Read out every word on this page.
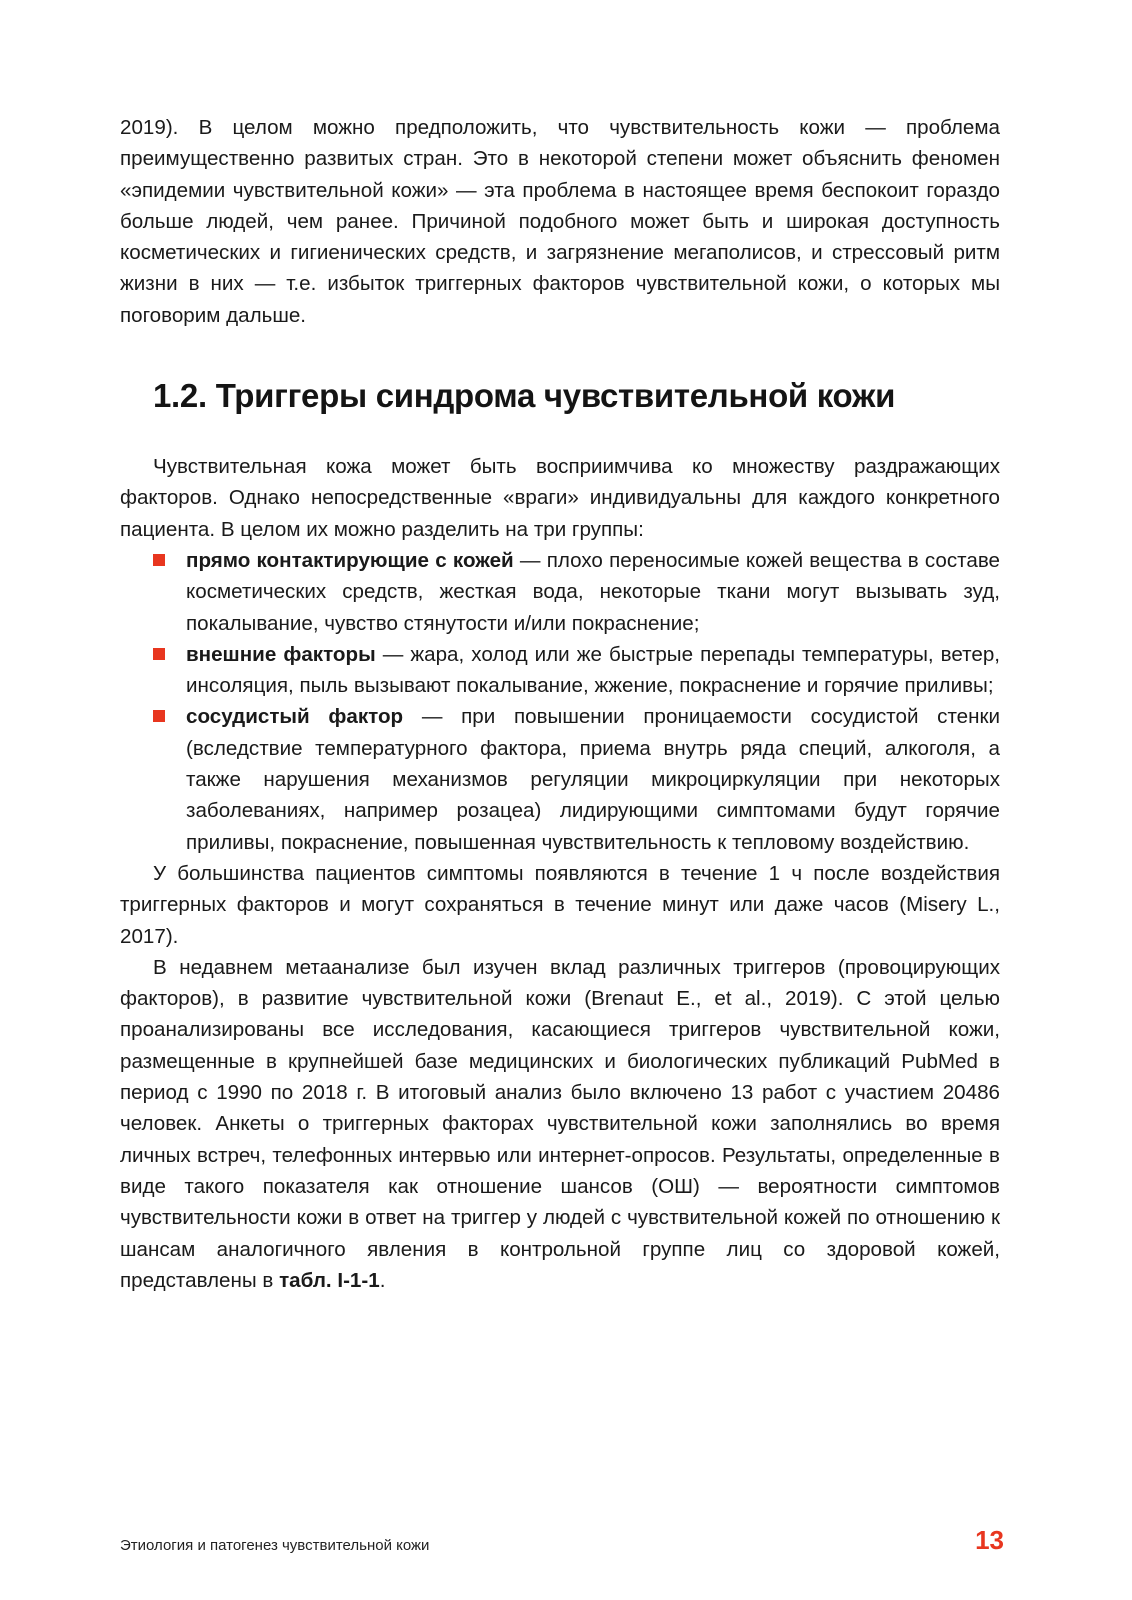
2019). В целом можно предположить, что чувствительность кожи — проблема преимущественно развитых стран. Это в некоторой степени может объяснить феномен «эпидемии чувствительной кожи» — эта проблема в настоящее время беспокоит гораздо больше людей, чем ранее. Причиной подобного может быть и широкая доступность косметических и гигиенических средств, и загрязнение мегаполисов, и стрессовый ритм жизни в них — т.е. избыток триггерных факторов чувствительной кожи, о которых мы поговорим дальше.

1.2. Триггеры синдрома чувствительной кожи

Чувствительная кожа может быть восприимчива ко множеству раздражающих факторов. Однако непосредственные «враги» индивидуальны для каждого конкретного пациента. В целом их можно разделить на три группы:

прямо контактирующие с кожей — плохо переносимые кожей вещества в составе косметических средств, жесткая вода, некоторые ткани могут вызывать зуд, покалывание, чувство стянутости и/или покраснение;
внешние факторы — жара, холод или же быстрые перепады температуры, ветер, инсоляция, пыль вызывают покалывание, жжение, покраснение и горячие приливы;
сосудистый фактор — при повышении проницаемости сосудистой стенки (вследствие температурного фактора, приема внутрь ряда специй, алкоголя, а также нарушения механизмов регуляции микроциркуляции при некоторых заболеваниях, например розацеа) лидирующими симптомами будут горячие приливы, покраснение, повышенная чувствительность к тепловому воздействию.

У большинства пациентов симптомы появляются в течение 1 ч после воздействия триггерных факторов и могут сохраняться в течение минут или даже часов (Misery L., 2017).

В недавнем метаанализе был изучен вклад различных триггеров (провоцирующих факторов), в развитие чувствительной кожи (Brenaut E., et al., 2019). С этой целью проанализированы все исследования, касающиеся триггеров чувствительной кожи, размещенные в крупнейшей базе медицинских и биологических публикаций PubMed в период с 1990 по 2018 г. В итоговый анализ было включено 13 работ с участием 20486 человек. Анкеты о триггерных факторах чувствительной кожи заполнялись во время личных встреч, телефонных интервью или интернет-опросов. Результаты, определенные в виде такого показателя как отношение шансов (ОШ) — вероятности симптомов чувствительности кожи в ответ на триггер у людей с чувствительной кожей по отношению к шансам аналогичного явления в контрольной группе лиц со здоровой кожей, представлены в табл. I-1-1.

Этиология и патогенез чувствительной кожи	13
